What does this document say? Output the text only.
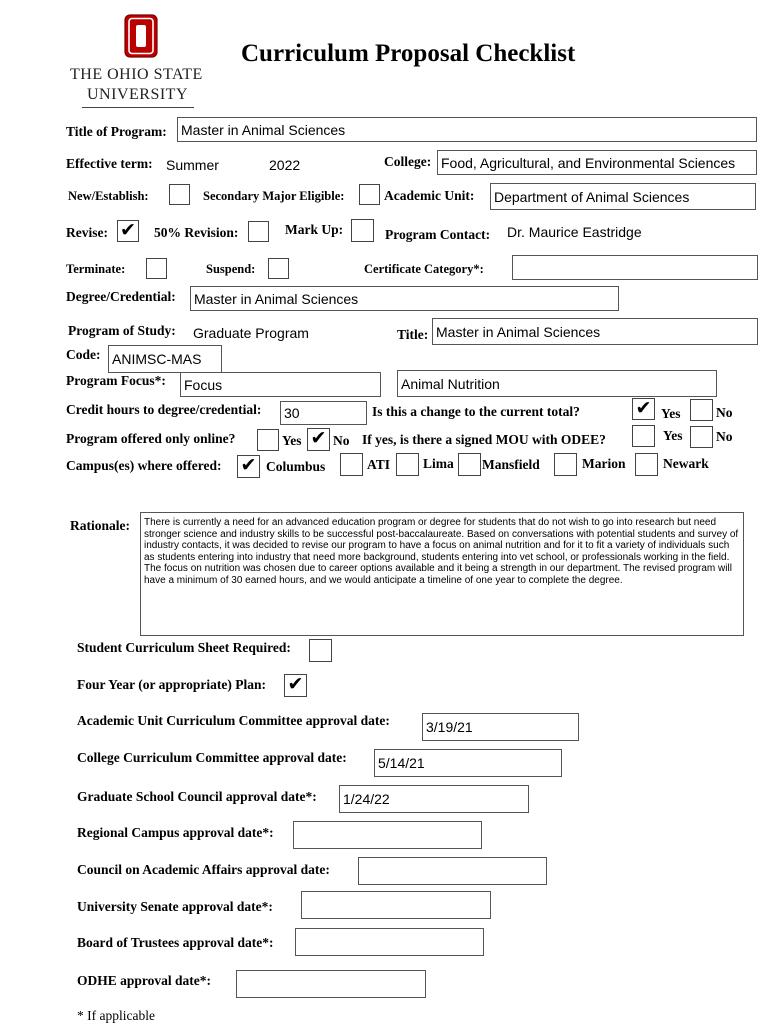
THE OHIO STATE
UNIVERSITY
Curriculum Proposal Checklist
Title of Program: Master in Animal Sciences
Effective term: Summer	2022	College: Food, Agricultural, and Environmental Sciences
New/Establish:	Secondary Major Eligible:	Academic Unit: Department of Animal Sciences
Revise: ✔ 50% Revision:	Mark Up:	Program Contact: Dr. Maurice Eastridge
Terminate:	Suspend:	Certificate Category*:
Degree/Credential: Master in Animal Sciences
Program of Study: Graduate Program	Title: Master in Animal Sciences
Code: ANIMSC-MAS
Program Focus*: Focus	Animal Nutrition
Credit hours to degree/credential: 30	Is this a change to the current total?	✔ Yes	No
Program offered only online?	Yes ✔ No If yes, is there a signed MOU with ODEE?	Yes No
Campus(es) where offered: ✔ Columbus	ATI Lima Mansfield	Marion	Newark
Rationale:	There is currently a need for an advanced education program or degree for students that do not wish to go into research but need stronger science and industry skills to be successful post-baccalaureate. Based on conversations with potential students and survey of industry contacts, it was decided to revise our program to have a focus on animal nutrition and for it to fit a variety of individuals such as students entering into industry that need more background, students entering into vet school, or professionals working in the field. The focus on nutrition was chosen due to career options available and it being a strength in our department. The revised program will have a minimum of 30 earned hours, and we would anticipate a timeline of one year to complete the degree.
Student Curriculum Sheet Required:
Four Year (or appropriate) Plan: ✔
Academic Unit Curriculum Committee approval date:	3/19/21
College Curriculum Committee approval date: 5/14/21
Graduate School Council approval date*: 1/24/22
Regional Campus approval date*:
Council on Academic Affairs approval date:
University Senate approval date*:
Board of Trustees approval date*:
ODHE approval date*:
* If applicable
